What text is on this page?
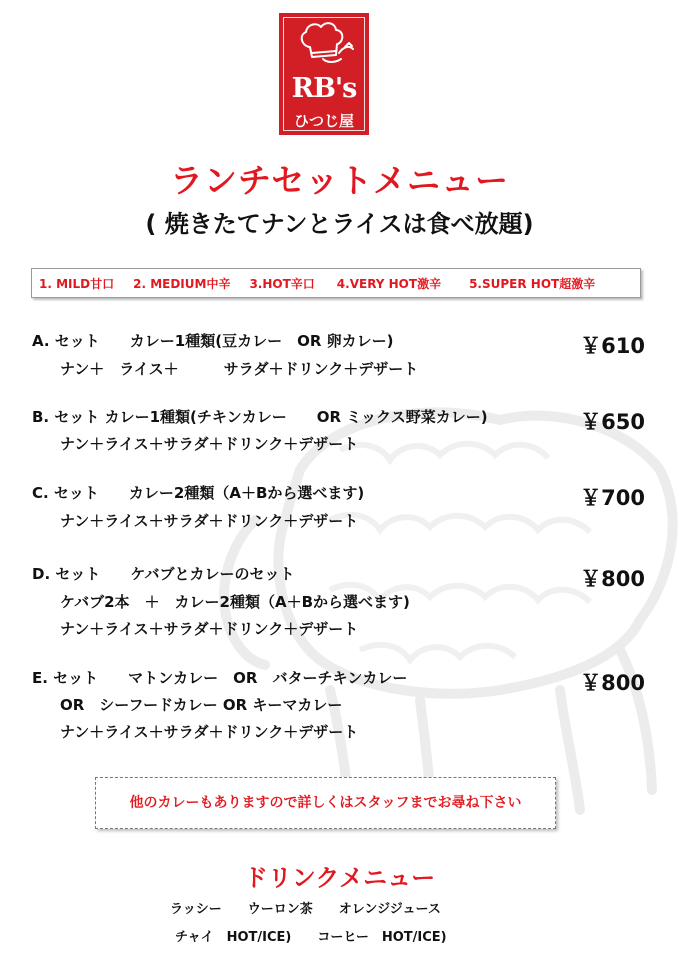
RB's
ひつじ屋
ランチセットメニュー
( 焼きたてナンとライスは食べ放題)
1. MILD甘口 2. MEDIUM中辛 3.HOT辛口 4.VERY HOT激辛 5.SUPER HOT超激辛
A. セット　　カレー1種類(豆カレー　OR 卵カレー)
ナン＋　ライス＋　　　サラダ＋ドリンク＋デザート
￥610
B. セット カレー1種類(チキンカレー　　OR ミックス野菜カレー)
ナン＋ライス＋サラダ＋ドリンク＋デザート
￥650
C. セット　　カレー2種類（A＋Bから選べます)
ナン＋ライス＋サラダ＋ドリンク＋デザート
￥700
D. セット　　ケバブとカレーのセット
ケバブ2本　＋　カレー2種類（A＋Bから選べます)
ナン＋ライス＋サラダ＋ドリンク＋デザート
￥800
E. セット　　マトンカレー　OR　バターチキンカレー
OR　シーフードカレー OR キーマカレー
ナン＋ライス＋サラダ＋ドリンク＋デザート
￥800
他のカレーもありますので詳しくはスタッフまでお尋ね下さい
ドリンクメニュー
ラッシー　　ウーロン茶　　オレンジジュース
チャイ　HOT/ICE)　　コーヒー　HOT/ICE)
